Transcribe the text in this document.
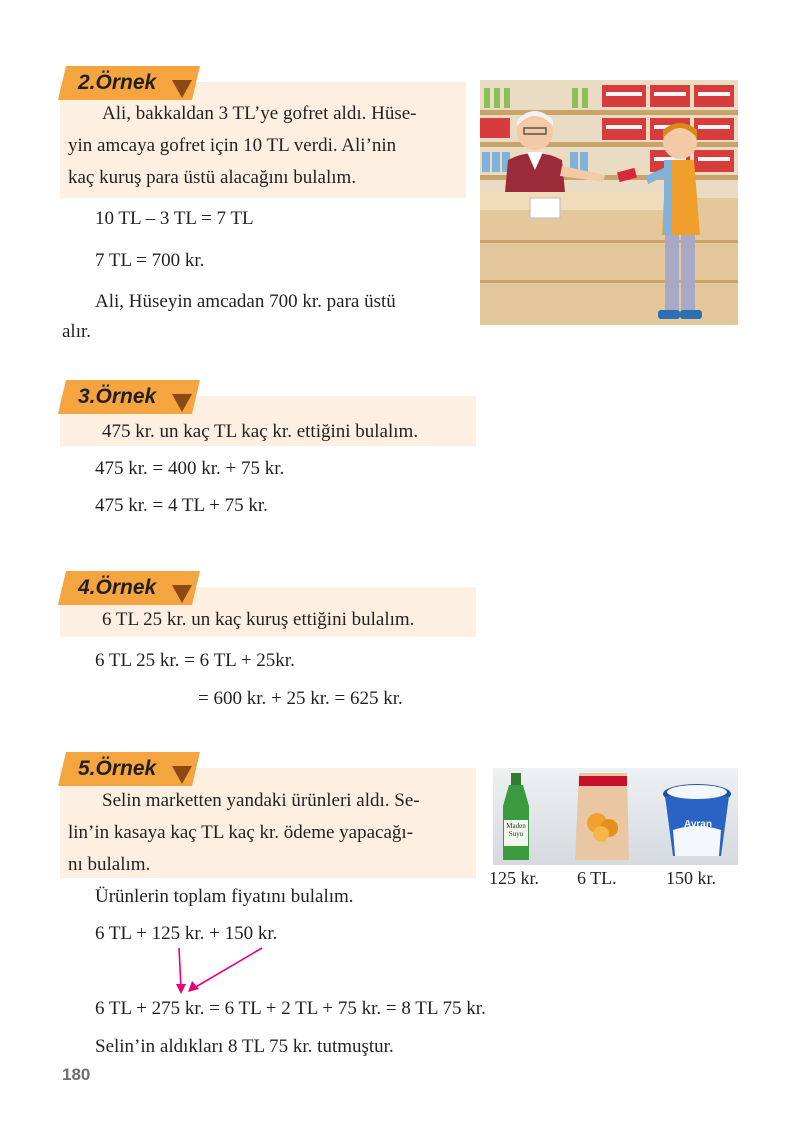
2.Örnek
Ali, bakkaldan 3 TL’ye gofret aldı. Hüse-
yin amcaya gofret için 10 TL verdi. Ali’nin
kaç kuruş para üstü alacağını bulalım.
10 TL – 3 TL = 7 TL
7 TL = 700 kr.
Ali, Hüseyin amcadan 700 kr. para üstü
alır.
3.Örnek
475 kr. un kaç TL kaç kr. ettiğini bulalım.
475 kr. = 400 kr. + 75 kr.
475 kr. = 4 TL + 75 kr.
4.Örnek
6 TL 25 kr. un kaç kuruş ettiğini bulalım.
6 TL 25 kr. = 6 TL + 25kr.
= 600 kr. + 25 kr. = 625 kr.
5.Örnek
Selin marketten yandaki ürünleri aldı. Se-
lin’in kasaya kaç TL kaç kr. ödeme yapacağı-
nı bulalım.
Maden
Suyu
Ayran
125 kr. 6 TL.	150 kr.
Ürünlerin toplam fiyatını bulalım.
6 TL + 125 kr. + 150 kr.
6 TL + 275 kr. = 6 TL + 2 TL + 75 kr. = 8 TL 75 kr.
Selin’in aldıkları 8 TL 75 kr. tutmuştur.
180
